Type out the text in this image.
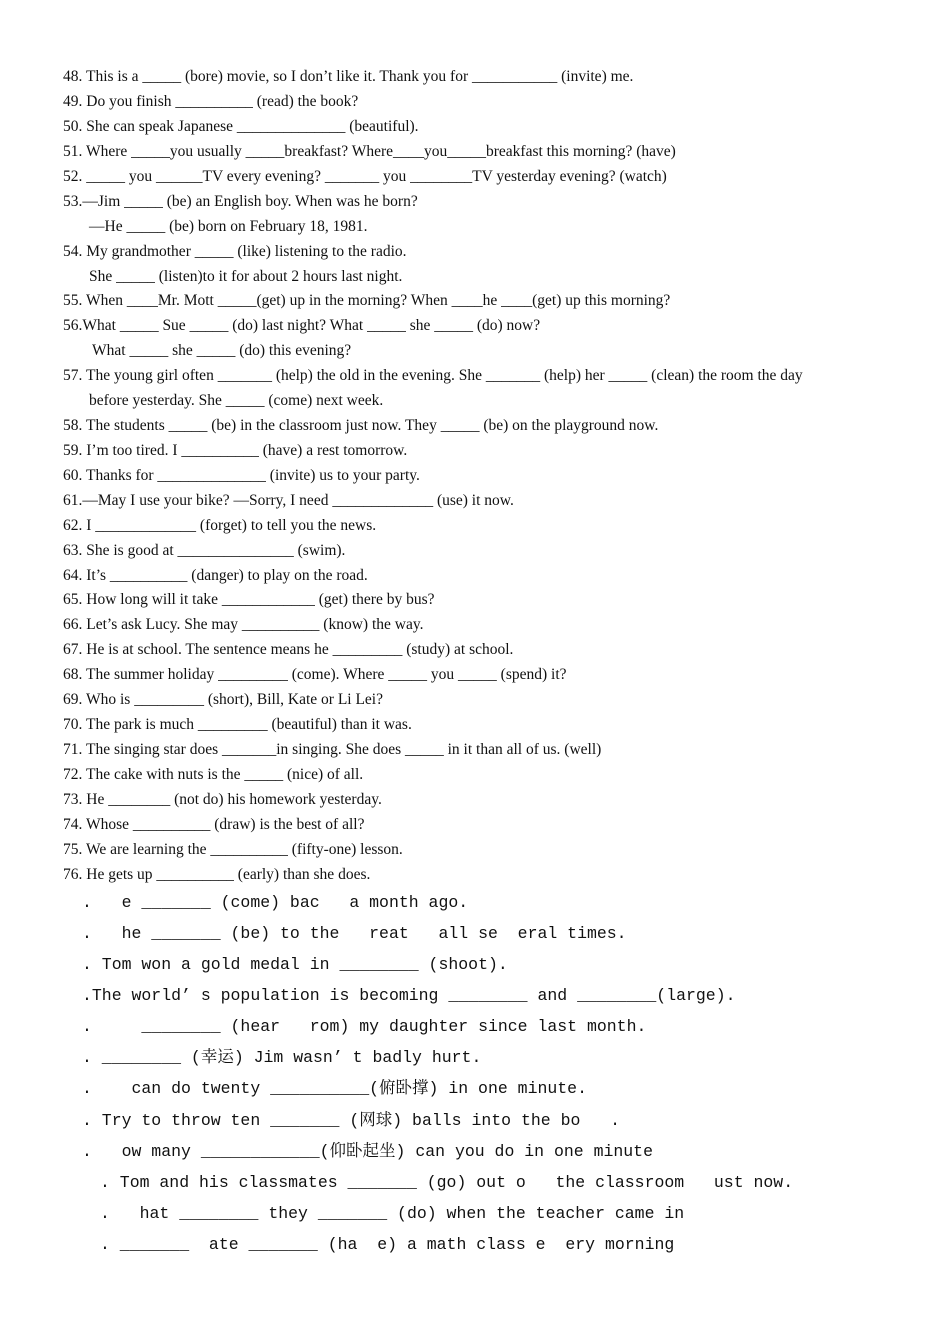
48. This is a _____ (bore) movie, so I don’t like it. Thank you for ___________ (invite) me.
49. Do you finish __________ (read) the book?
50. She can speak Japanese ______________ (beautiful).
51. Where _____you usually _____breakfast? Where____you_____breakfast this morning? (have)
52. _____ you ______TV every evening? _______ you ________TV yesterday evening? (watch)
53.—Jim _____ (be) an English boy. When was he born?
—He _____ (be) born on February 18, 1981.
54. My grandmother _____ (like) listening to the radio.
She _____ (listen)to it for about 2 hours last night.
55. When ____Mr. Mott _____(get) up in the morning? When ____he ____(get) up this morning?
56.What _____ Sue _____ (do) last night? What _____ she _____ (do) now?
What _____ she _____ (do) this evening?
57. The young girl often _______ (help) the old in the evening. She _______ (help) her _____ (clean) the room the day
before yesterday. She _____ (come) next week.
58. The students _____ (be) in the classroom just now. They _____ (be) on the playground now.
59. I’m too tired. I __________ (have) a rest tomorrow.
60. Thanks for ______________ (invite) us to your party.
61.—May I use your bike? —Sorry, I need _____________ (use) it now.
62. I _____________ (forget) to tell you the news.
63. She is good at _______________ (swim).
64. It’s __________ (danger) to play on the road.
65. How long will it take ____________ (get) there by bus?
66. Let’s ask Lucy. She may __________ (know) the way.
67. He is at school. The sentence means he _________ (study) at school.
68. The summer holiday _________ (come). Where _____ you _____ (spend) it?
69. Who is _________ (short), Bill, Kate or Li Lei?
70. The park is much _________ (beautiful) than it was.
71. The singing star does _______in singing. She does _____ in it than all of us. (well)
72. The cake with nuts is the _____ (nice) of all.
73. He ________ (not do) his homework yesterday.
74. Whose __________ (draw) is the best of all?
75. We are learning the __________ (fifty-one) lesson.
76. He gets up __________ (early) than she does.
.   e _______ (come) bac   a month ago.
.   he _______ (be) to the   reat   all se  eral times.
. Tom won a gold medal in ________ (shoot).
.The world’ s population is becoming ________ and ________(large).
.     ________ (hear   rom) my daughter since last month.
. ________ (幸运) Jim wasn’ t badly hurt.
.    can do twenty __________(俯卧撑) in one minute.
. Try to throw ten _______ (网球) balls into the bo   .
.   ow many ____________(仰卧起坐) can you do in one minute
. Tom and his classmates _______ (go) out o   the classroom   ust now.
.   hat ________ they _______ (do) when the teacher came in
. _______  ate _______ (ha  e) a math class e  ery morning
